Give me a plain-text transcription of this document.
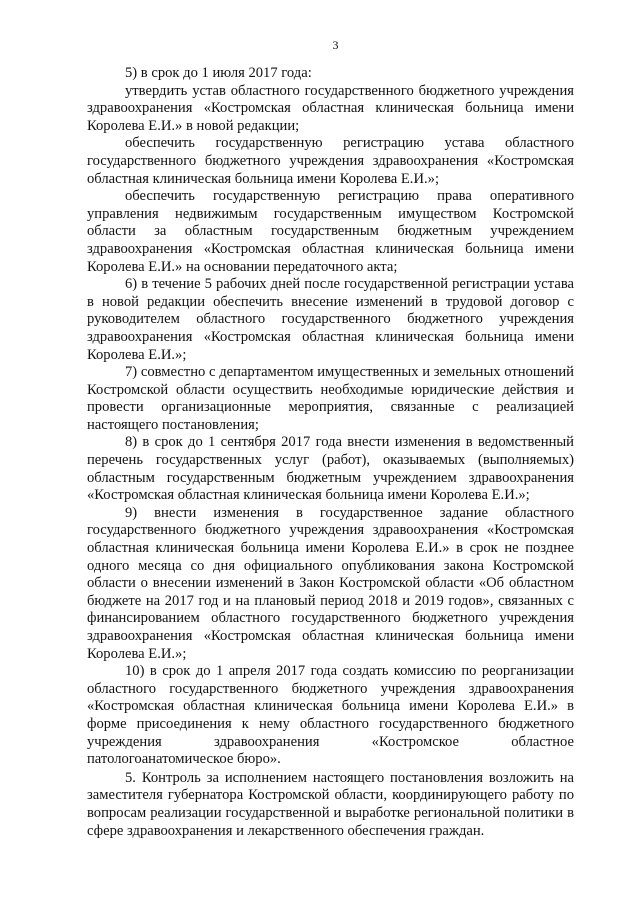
3

5) в срок до 1 июля 2017 года:

утвердить устав областного государственного бюджетного учреждения здравоохранения «Костромская областная клиническая больница имени Королева Е.И.» в новой редакции;

обеспечить государственную регистрацию устава областного государственного бюджетного учреждения здравоохранения «Костромская областная клиническая больница имени Королева Е.И.»;

обеспечить государственную регистрацию права оперативного управления недвижимым государственным имуществом Костромской области за областным государственным бюджетным учреждением здравоохранения «Костромская областная клиническая больница имени Королева Е.И.» на основании передаточного акта;

6) в течение 5 рабочих дней после государственной регистрации устава в новой редакции обеспечить внесение изменений в трудовой договор с руководителем областного государственного бюджетного учреждения здравоохранения «Костромская областная клиническая больница имени Королева Е.И.»;

7) совместно с департаментом имущественных и земельных отношений Костромской области осуществить необходимые юридические действия и провести организационные мероприятия, связанные с реализацией настоящего постановления;

8) в срок до 1 сентября 2017 года внести изменения в ведомственный перечень государственных услуг (работ), оказываемых (выполняемых) областным государственным бюджетным учреждением здравоохранения «Костромская областная клиническая больница имени Королева Е.И.»;

9) внести изменения в государственное задание областного государственного бюджетного учреждения здравоохранения «Костромская областная клиническая больница имени Королева Е.И.» в срок не позднее одного месяца со дня официального опубликования закона Костромской области о внесении изменений в Закон Костромской области «Об областном бюджете на 2017 год и на плановый период 2018 и 2019 годов», связанных с финансированием областного государственного бюджетного учреждения здравоохранения «Костромская областная клиническая больница имени Королева Е.И.»;

10) в срок до 1 апреля 2017 года создать комиссию по реорганизации областного государственного бюджетного учреждения здравоохранения «Костромская областная клиническая больница имени Королева Е.И.» в форме присоединения к нему областного государственного бюджетного учреждения здравоохранения «Костромское областное патологоанатомическое бюро».

5. Контроль за исполнением настоящего постановления возложить на заместителя губернатора Костромской области, координирующего работу по вопросам реализации государственной и выработке региональной политики в сфере здравоохранения и лекарственного обеспечения граждан.
